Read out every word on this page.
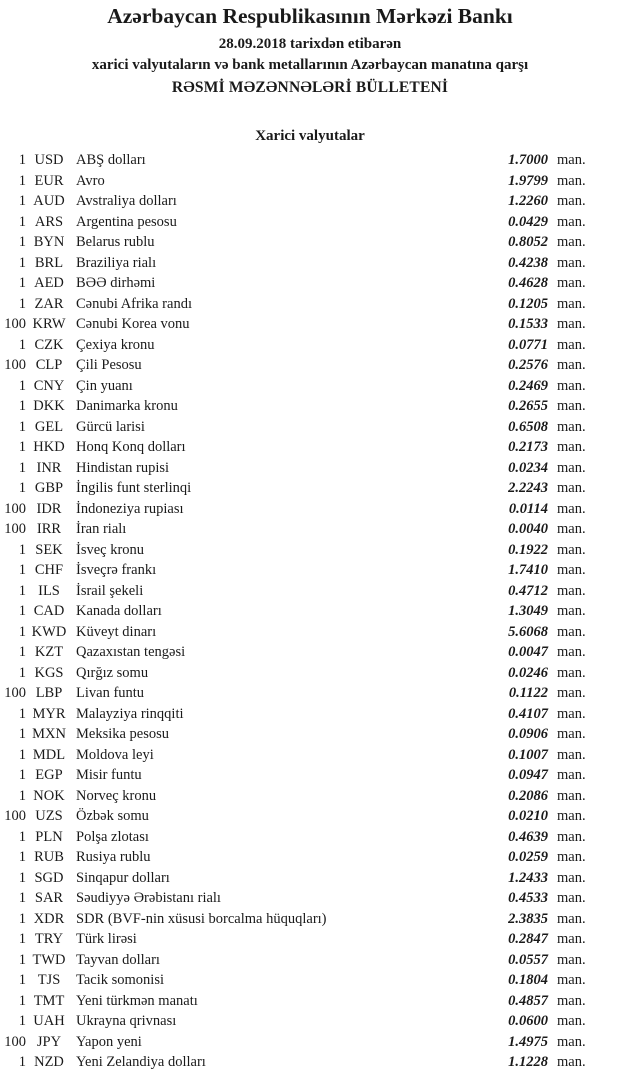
Azərbaycan Respublikasının Mərkəzi Bankı
28.09.2018 tarixdən etibarən
xarici valyutaların və bank metallarının Azərbaycan manatına qarşı
RƏSMİ MƏZƏNNƏLƏRİ BÜLLETENİ
Xarici valyutalar
1 USD ABŞ dolları	1.7000 man.
1 EUR Avro	1.9799 man.
1 AUD Avstraliya dolları	1.2260 man.
1 ARS Argentina pesosu	0.0429 man.
1 BYN Belarus rublu	0.8052 man.
1 BRL Braziliya rialı	0.4238 man.
1 AED BƏƏ dirhəmi	0.4628 man.
1 ZAR Cənubi Afrika randı	0.1205 man.
100 KRW Cənubi Korea vonu	0.1533 man.
1 CZK Çexiya kronu	0.0771 man.
100 CLP Çili Pesosu	0.2576 man.
1 CNY Çin yuanı	0.2469 man.
1 DKK Danimarka kronu	0.2655 man.
1 GEL Gürcü larisi	0.6508 man.
1 HKD Honq Konq dolları	0.2173 man.
1 INR	Hindistan rupisi	0.0234 man.
1 GBP İngilis funt sterlinqi	2.2243 man.
100 IDR	İndoneziya rupiası	0.0114 man.
100 IRR	İran rialı	0.0040 man.
1 SEK İsveç kronu	0.1922 man.
1 CHF İsveçrə frankı	1.7410 man.
1 ILS	İsrail şekeli	0.4712 man.
1 CAD Kanada dolları	1.3049 man.
1 KWD Küveyt dinarı	5.6068 man.
1 KZT Qazaxıstan tengəsi	0.0047 man.
1 KGS Qırğız somu	0.0246 man.
100 LBP Livan funtu	0.1122 man.
1 MYR Malayziya rinqqiti	0.4107 man.
1 MXN Meksika pesosu	0.0906 man.
1 MDL Moldova leyi	0.1007 man.
1 EGP Misir funtu	0.0947 man.
1 NOK Norveç kronu	0.2086 man.
100 UZS Özbək somu	0.0210 man.
1 PLN Polşa zlotası	0.4639 man.
1 RUB Rusiya rublu	0.0259 man.
1 SGD Sinqapur dolları	1.2433 man.
1 SAR Səudiyyə Ərəbistanı rialı	0.4533 man.
1 XDR SDR (BVF-nin xüsusi borcalma hüquqları)	2.3835 man.
1 TRY Türk lirəsi	0.2847 man.
1 TWD Tayvan dolları	0.0557 man.
1 TJS	Tacik somonisi	0.1804 man.
1 TMT Yeni türkmən manatı	0.4857 man.
1 UAH Ukrayna qrivnası	0.0600 man.
100 JPY	Yapon yeni	1.4975 man.
1 NZD Yeni Zelandiya dolları	1.1228 man.
